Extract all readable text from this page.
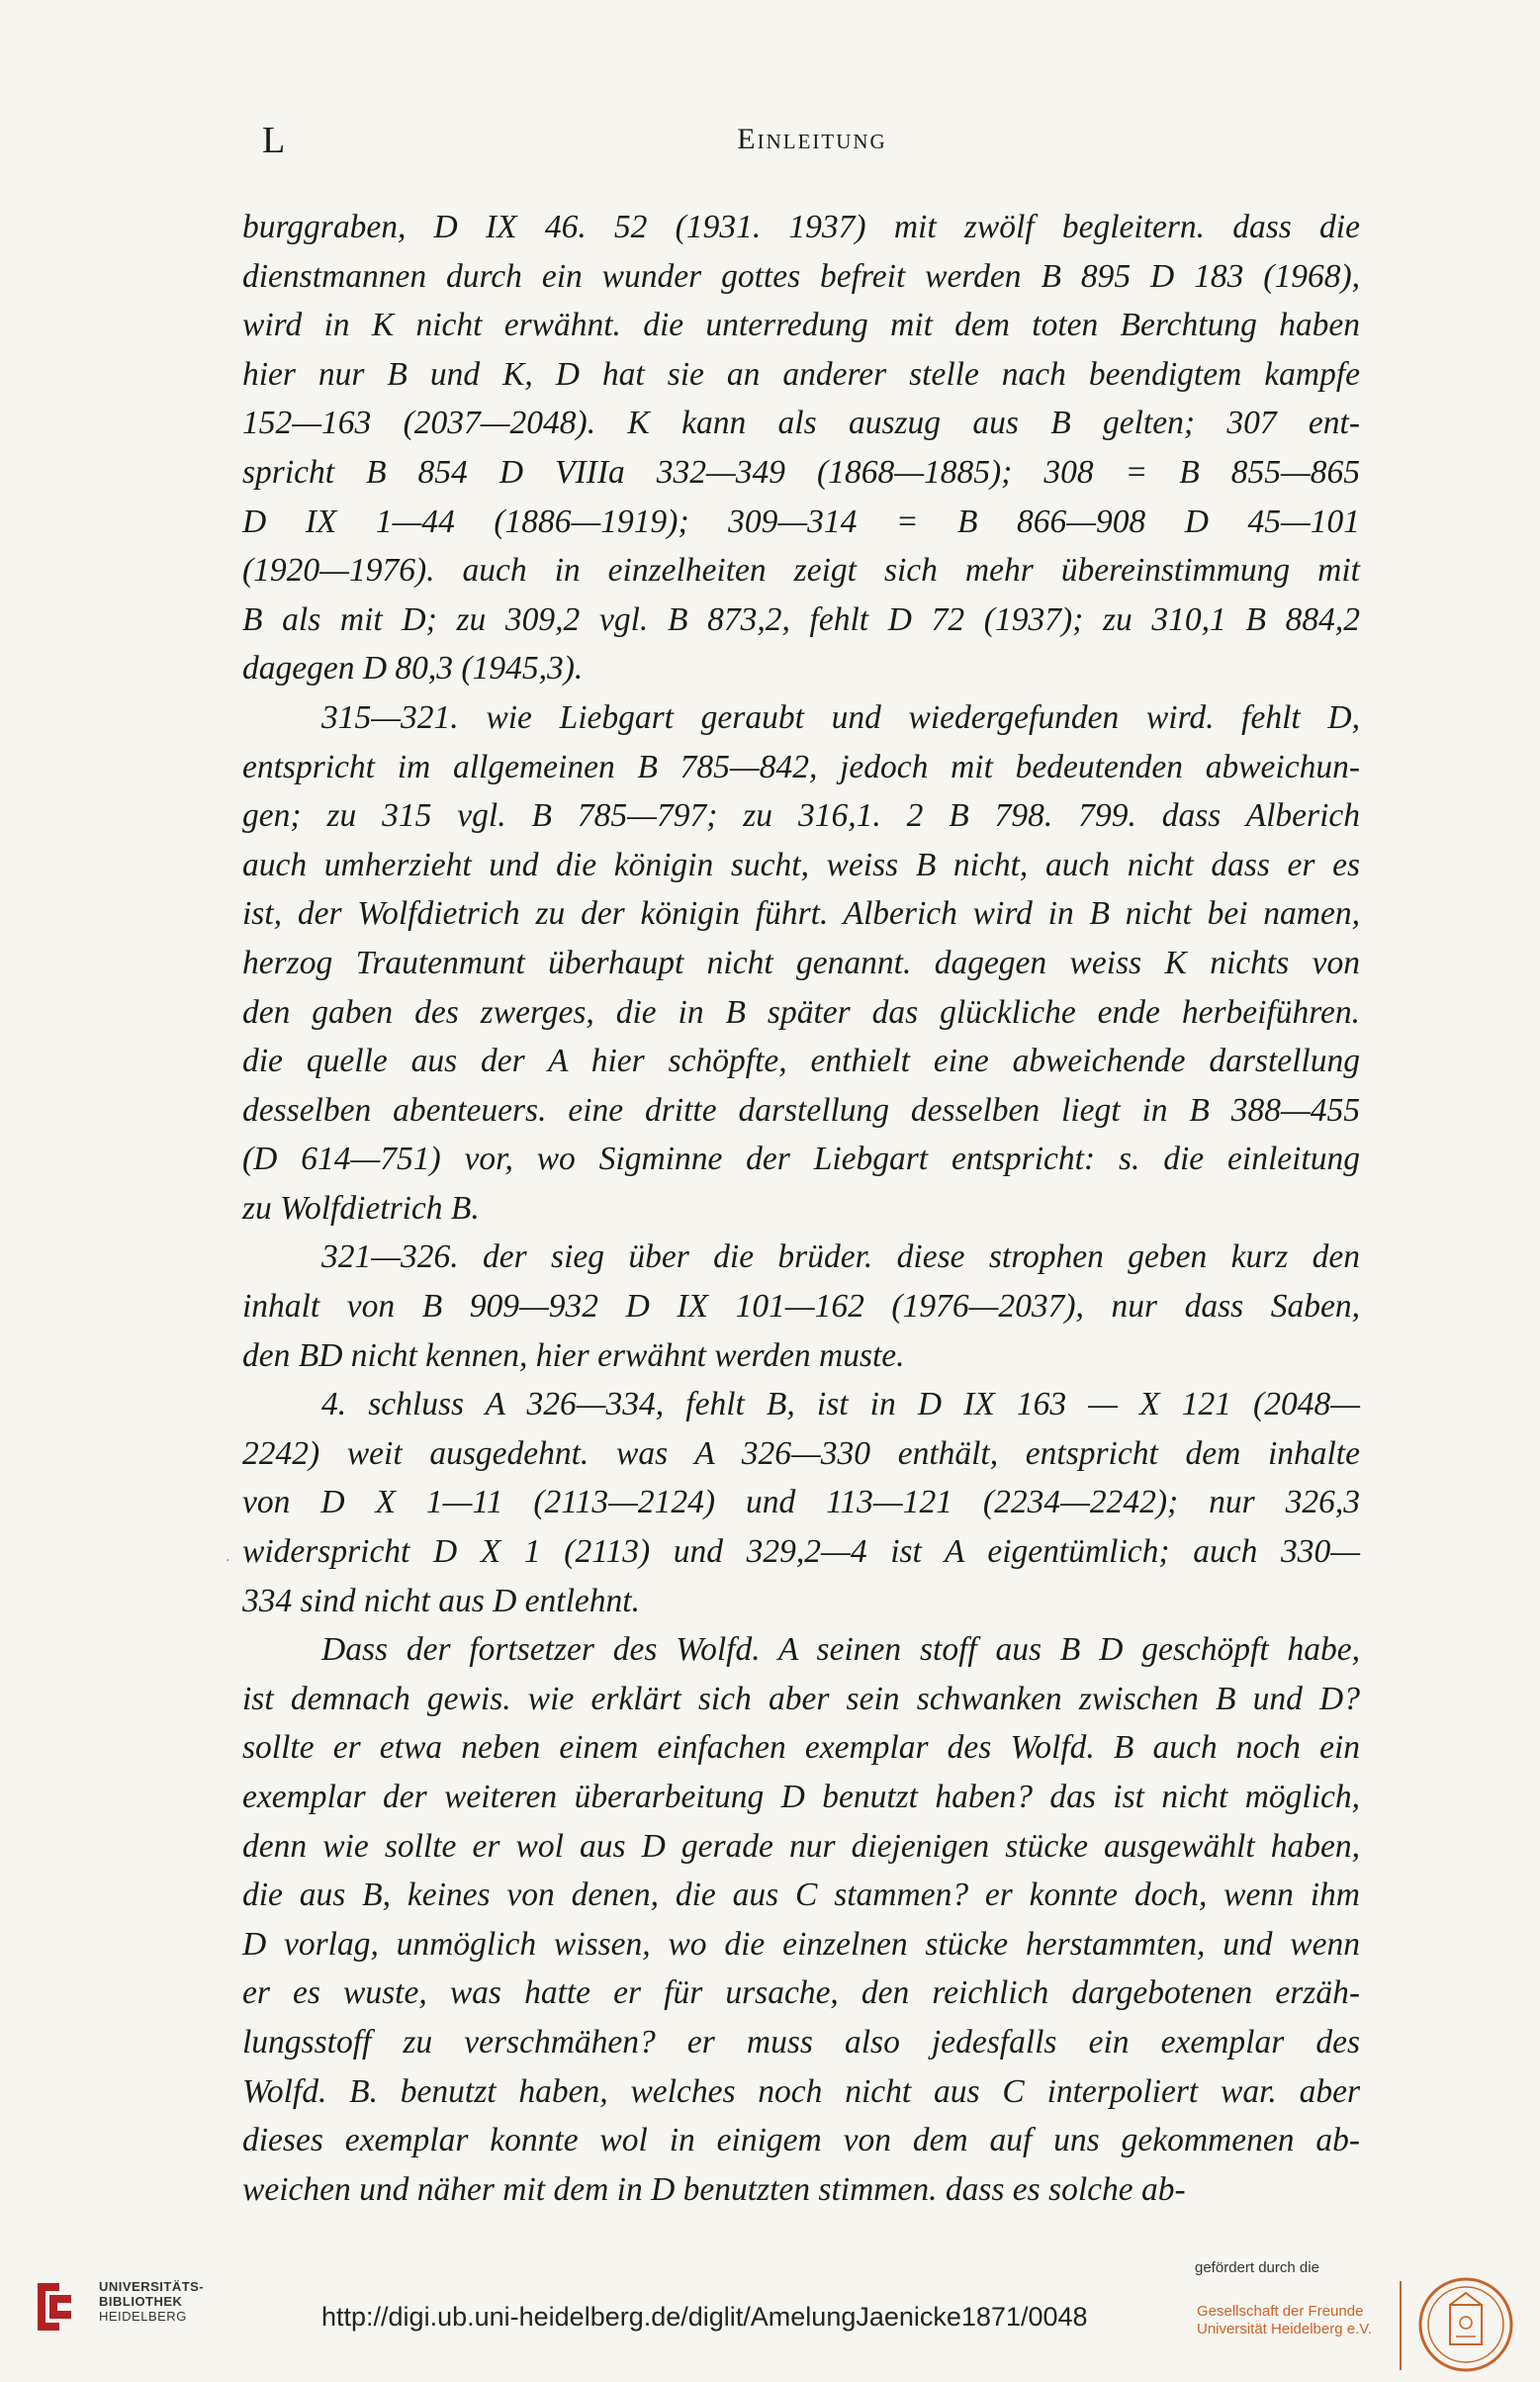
L	Einleitung
burggraben, D IX 46. 52 (1931. 1937) mit zwölf begleitern. dass die
dienstmannen durch ein wunder gottes befreit werden B 895 D 183 (1968),
wird in K nicht erwähnt. die unterredung mit dem toten Berchtung haben
hier nur B und K, D hat sie an anderer stelle nach beendigtem kampfe
152—163 (2037—2048). K kann als auszug aus B gelten; 307 ent-
spricht B 854 D VIIIa 332—349 (1868—1885); 308 = B 855—865
D IX 1—44 (1886—1919); 309—314 = B 866—908 D 45—101
(1920—1976). auch in einzelheiten zeigt sich mehr übereinstimmung mit
B als mit D; zu 309,2 vgl. B 873,2, fehlt D 72 (1937); zu 310,1 B 884,2
dagegen D 80,3 (1945,3).
315—321. wie Liebgart geraubt und wiedergefunden wird. fehlt D,
entspricht im allgemeinen B 785—842, jedoch mit bedeutenden abweichun-
gen; zu 315 vgl. B 785—797; zu 316,1. 2 B 798. 799. dass Alberich
auch umherzieht und die königin sucht, weiss B nicht, auch nicht dass er es
ist, der Wolfdietrich zu der königin führt. Alberich wird in B nicht bei namen,
herzog Trautenmunt überhaupt nicht genannt. dagegen weiss K nichts von
den gaben des zwerges, die in B später das glückliche ende herbeiführen.
die quelle aus der A hier schöpfte, enthielt eine abweichende darstellung
desselben abenteuers. eine dritte darstellung desselben liegt in B 388—455
(D 614—751) vor, wo Sigminne der Liebgart entspricht: s. die einleitung
zu Wolfdietrich B.
321—326. der sieg über die brüder. diese strophen geben kurz den
inhalt von B 909—932 D IX 101—162 (1976—2037), nur dass Saben,
den BD nicht kennen, hier erwähnt werden muste.
4. schluss A 326—334, fehlt B, ist in D IX 163 — X 121 (2048—
2242) weit ausgedehnt. was A 326—330 enthält, entspricht dem inhalte
von D X 1—11 (2113—2124) und 113—121 (2234—2242); nur 326,3
widerspricht D X 1 (2113) und 329,2—4 ist A eigentümlich; auch 330—
334 sind nicht aus D entlehnt.
Dass der fortsetzer des Wolfd. A seinen stoff aus B D geschöpft habe,
ist demnach gewis. wie erklärt sich aber sein schwanken zwischen B und D?
sollte er etwa neben einem einfachen exemplar des Wolfd. B auch noch ein
exemplar der weiteren überarbeitung D benutzt haben? das ist nicht möglich,
denn wie sollte er wol aus D gerade nur diejenigen stücke ausgewählt haben,
die aus B, keines von denen, die aus C stammen? er konnte doch, wenn ihm
D vorlag, unmöglich wissen, wo die einzelnen stücke herstammten, und wenn
er es wuste, was hatte er für ursache, den reichlich dargebotenen erzäh-
lungsstoff zu verschmähen? er muss also jedesfalls ein exemplar des
Wolfd. B. benutzt haben, welches noch nicht aus C interpoliert war. aber
dieses exemplar konnte wol in einigem von dem auf uns gekommenen ab-
weichen und näher mit dem in D benutzten stimmen. dass es solche ab-
·
UNIVERSITÄTS-
BIBLIOTHEK
HEIDELBERG	http://digi.ub.uni-heidelberg.de/diglit/AmelungJaenicke1871/0048
gefördert durch die
Gesellschaft der Freunde
Universität Heidelberg e.V.
